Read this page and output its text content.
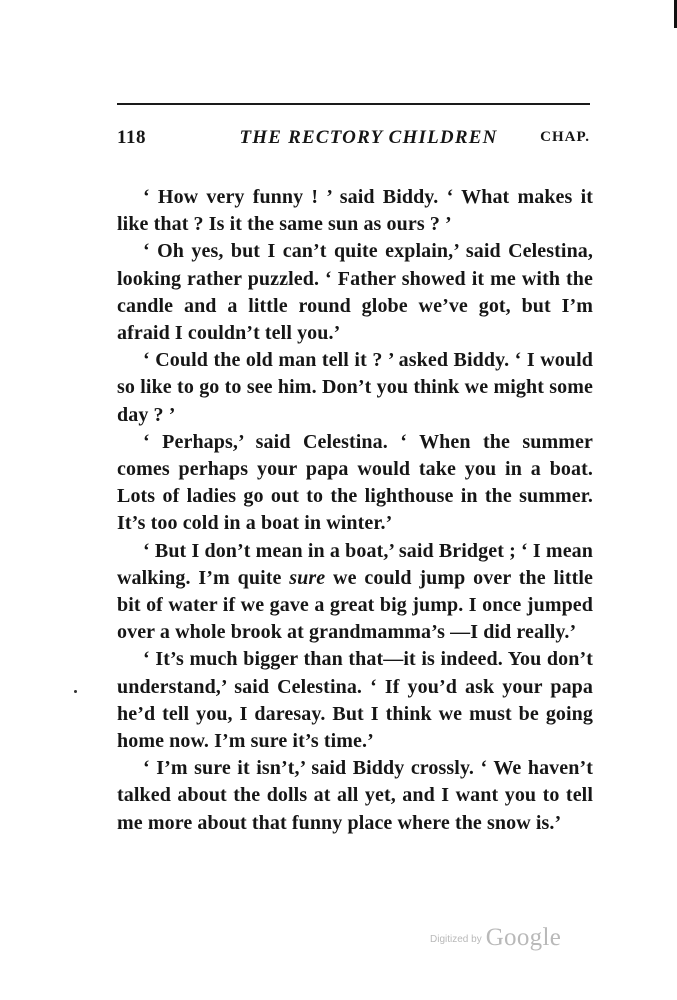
118	THE RECTORY CHILDREN	CHAP.

‘ How very funny ! ’ said Biddy. ‘ What makes it like that ? Is it the same sun as ours ? ’

‘ Oh yes, but I can’t quite explain,’ said Celestina, looking rather puzzled. ‘ Father showed it me with the candle and a little round globe we’ve got, but I’m afraid I couldn’t tell you.’

‘ Could the old man tell it ? ’ asked Biddy. ‘ I would so like to go to see him. Don’t you think we might some day ? ’

‘ Perhaps,’ said Celestina. ‘ When the summer comes perhaps your papa would take you in a boat. Lots of ladies go out to the lighthouse in the summer. It’s too cold in a boat in winter.’

‘ But I don’t mean in a boat,’ said Bridget ; ‘ I mean walking. I’m quite sure we could jump over the little bit of water if we gave a great big jump. I once jumped over a whole brook at grandmamma’s —I did really.’

‘ It’s much bigger than that—it is indeed. You don’t understand,’ said Celestina. ‘ If you’d ask your papa he’d tell you, I daresay. But I think we must be going home now. I’m sure it’s time.’

‘ I’m sure it isn’t,’ said Biddy crossly. ‘ We haven’t talked about the dolls at all yet, and I want you to tell me more about that funny place where the snow is.’

Digitized by Google
